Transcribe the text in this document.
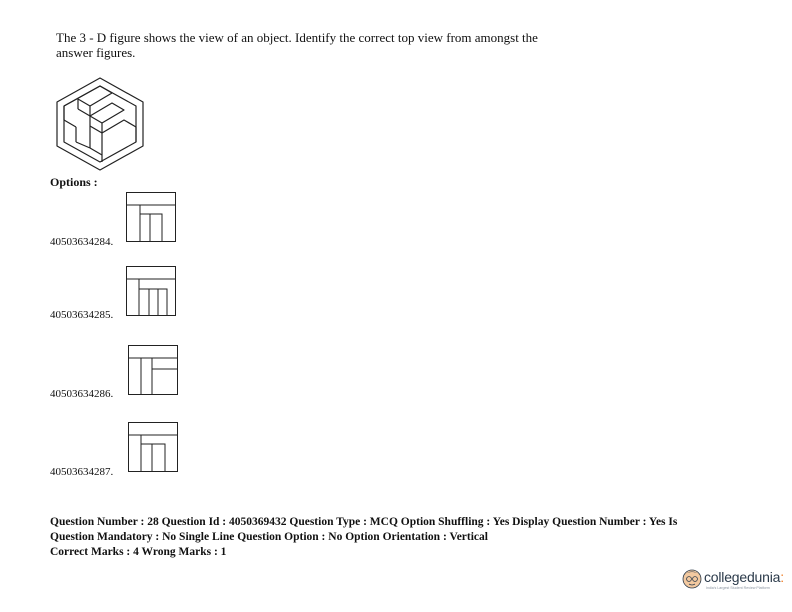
The 3 - D figure shows the view of an object. Identify the correct top view from amongst the
answer figures.
Options :
40503634284.
40503634285.
40503634286.
40503634287.
Question Number : 28 Question Id : 4050369432 Question Type : MCQ Option Shuffling : Yes Display Question Number : Yes Is
Question Mandatory : No Single Line Question Option : No Option Orientation : Vertical
Correct Marks : 4 Wrong Marks : 1
collegedunia:
India's Largest Student Review Platform
